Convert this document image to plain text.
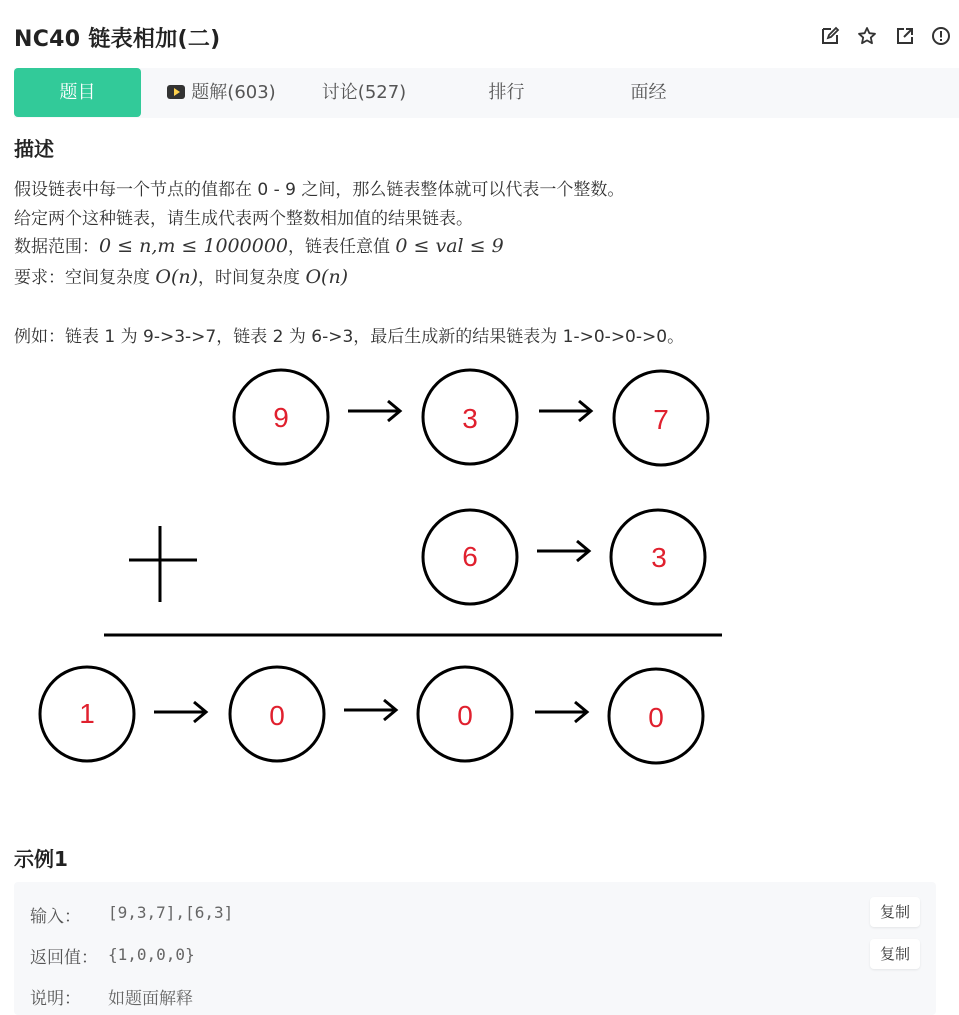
NC40 链表相加(二)
题目	题解(603)	讨论(527)	排行	面经
描述
假设链表中每一个节点的值都在 0 - 9 之间，那么链表整体就可以代表一个整数。
给定两个这种链表，请生成代表两个整数相加值的结果链表。
数据范围：0 ≤ n,m ≤ 1000000，链表任意值 0 ≤ val ≤ 9
要求：空间复杂度 O(n)，时间复杂度 O(n)
例如：链表 1 为 9->3->7，链表 2 为 6->3，最后生成新的结果链表为 1->0->0->0。
9	3	7
6	3
1	0	0	0
示例1
输入： [9,3,7],[6,3]	复制
返回值： {1,0,0,0}	复制
说明： 如题面解释
